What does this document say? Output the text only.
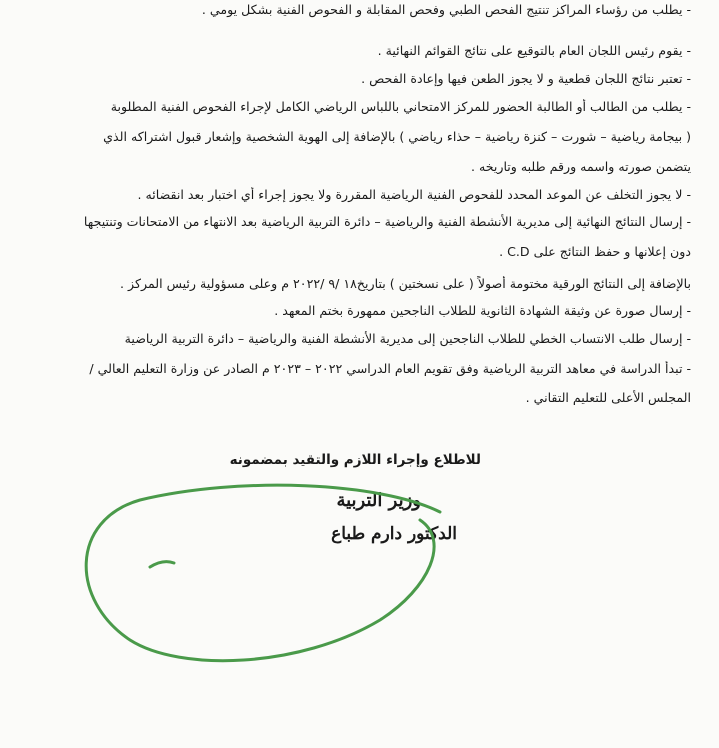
- يطلب من رؤساء المراكز تنتيج الفحص الطبي وفحص المقابلة و الفحوص الفنية بشكل يومي .
- يقوم رئيس اللجان العام بالتوقيع على نتائج القوائم النهائية .
- تعتبر نتائج اللجان قطعية و لا يجوز الطعن فيها وإعادة الفحص .
- يطلب من الطالب أو الطالبة الحضور للمركز الامتحاني باللباس الرياضي الكامل لإجراء الفحوص الفنية المطلوبة
( بيجامة رياضية – شورت – كنزة رياضية – حذاء رياضي ) بالإضافة إلى الهوية الشخصية وإشعار قبول اشتراكه الذي
يتضمن صورته واسمه ورقم طلبه وتاريخه .
- لا يجوز التخلف عن الموعد المحدد للفحوص الفنية الرياضية المقررة ولا يجوز إجراء أي اختبار بعد انقضائه .
- إرسال النتائج النهائية إلى مديرية الأنشطة الفنية والرياضية – دائرة التربية الرياضية بعد الانتهاء من الامتحانات وتنتيجها
دون إعلانها و حفظ النتائج على C.D .
بالإضافة إلى النتائج الورقية مختومة أصولاً ( على نسختين ) بتاريخ١٨ /٩ /٢٠٢٢ م وعلى مسؤولية رئيس المركز .
- إرسال صورة عن وثيقة الشهادة الثانوية للطلاب الناجحين ممهورة بختم المعهد .
- إرسال طلب الانتساب الخطي للطلاب الناجحين إلى مديرية الأنشطة الفنية والرياضية – دائرة التربية الرياضية
- تبدأ الدراسة في معاهد التربية الرياضية وفق تقويم العام الدراسي ٢٠٢٢ – ٢٠٢٣ م الصادر عن وزارة التعليم العالي /
المجلس الأعلى للتعليم التقاني .
للاطلاع وإجراء اللازم والتقيد بمضمونه
وزير التربية
الدكتور دارم طباع
